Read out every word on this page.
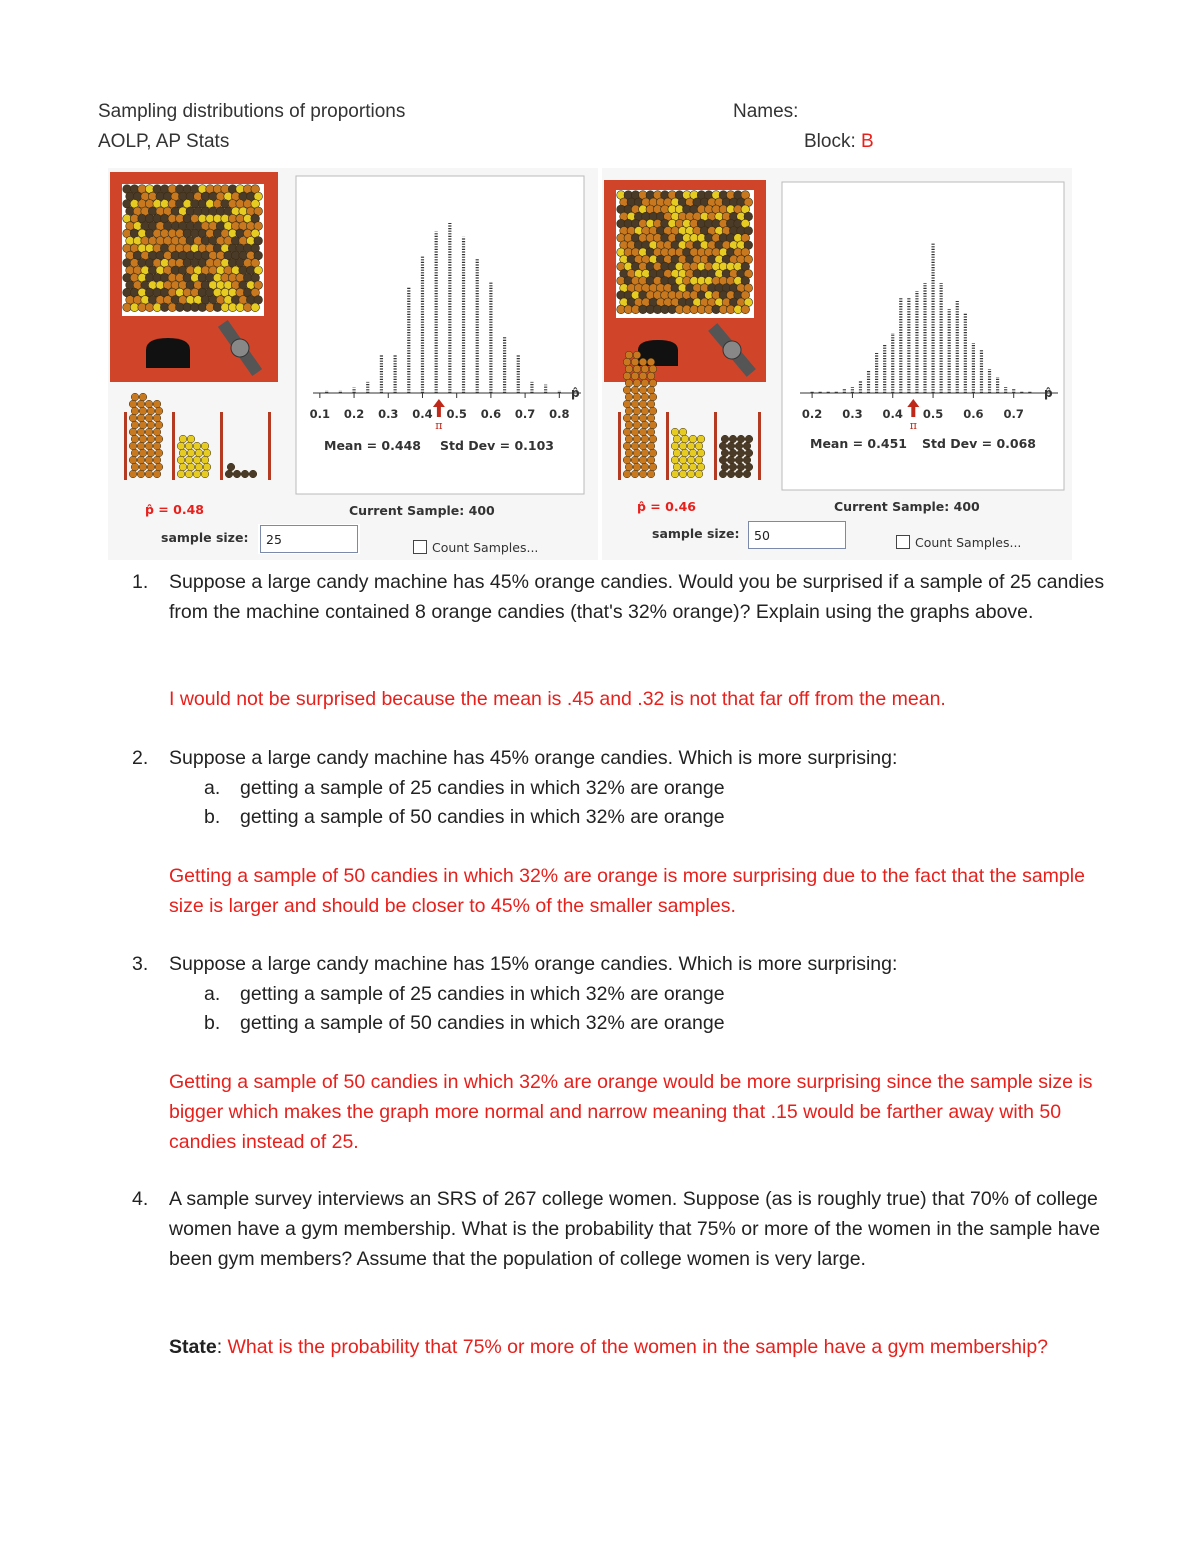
Sampling distributions of proportions
AOLP, AP Stats
Names:
Block: B
0.1 0.2 0.3 0.4 0.5 0.6 0.7 0.8
π
p̂
p̂ = 0.48
sample size:	25
Mean = 0.448 Std Dev = 0.103
Current Sample: 400
Count Samples...
0.2 0.3 0.4 0.5 0.6 0.7
π
p̂
p̂ = 0.46
sample size:	50
Mean = 0.451 Std Dev = 0.068
Current Sample: 400
Count Samples...
1. Suppose a large candy machine has 45% orange candies. Would you be surprised if a sample of 25 candies from the machine contained 8 orange candies (that's 32% orange)? Explain using the graphs above.
I would not be surprised because the mean is .45 and .32 is not that far off from the mean.
2. Suppose a large candy machine has 45% orange candies. Which is more surprising:
a. getting a sample of 25 candies in which 32% are orange
b. getting a sample of 50 candies in which 32% are orange
Getting a sample of 50 candies in which 32% are orange is more surprising due to the fact that the sample size is larger and should be closer to 45% of the smaller samples.
3. Suppose a large candy machine has 15% orange candies. Which is more surprising:
a. getting a sample of 25 candies in which 32% are orange
b. getting a sample of 50 candies in which 32% are orange
Getting a sample of 50 candies in which 32% are orange would be more surprising since the sample size is bigger which makes the graph more normal and narrow meaning that .15 would be farther away with 50 candies instead of 25.
4. A sample survey interviews an SRS of 267 college women. Suppose (as is roughly true) that 70% of college women have a gym membership. What is the probability that 75% or more of the women in the sample have been gym members? Assume that the population of college women is very large.
State: What is the probability that 75% or more of the women in the sample have a gym membership?
